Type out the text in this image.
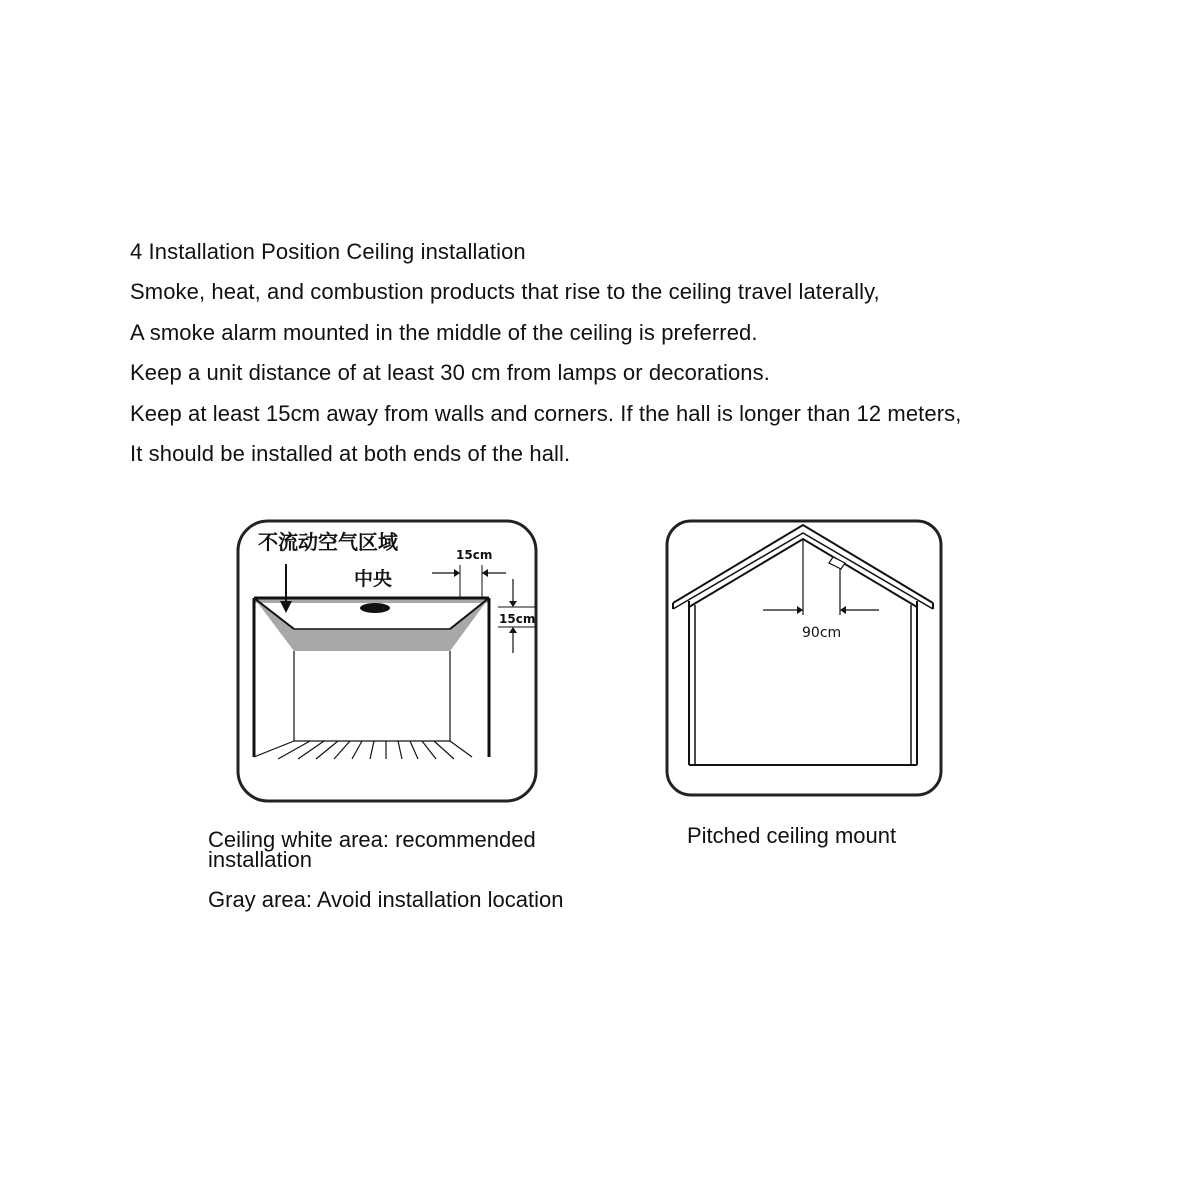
4 Installation Position Ceiling installation
Smoke, heat, and combustion products that rise to the ceiling travel laterally,
A smoke alarm mounted in the middle of the ceiling is preferred.
Keep a unit distance of at least 30 cm from lamps or decorations.
Keep at least 15cm away from walls and corners. If the hall is longer than 12 meters,
It should be installed at both ends of the hall.
不流动空气区域
中央
15cm
15cm
90cm
Ceiling white area: recommended installation
Gray area: Avoid installation location
Pitched ceiling mount
